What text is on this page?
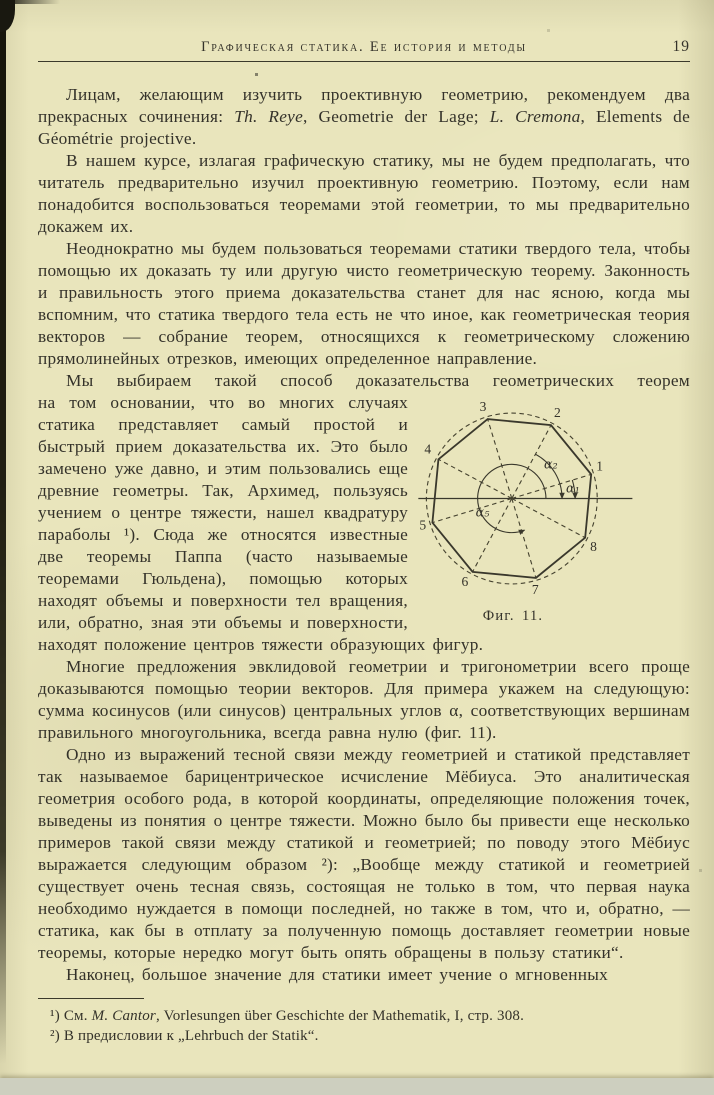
Графическая статика. Ее история и методы	19

Лицам, желающим изучить проективную геометрию, рекомендуем два прекрасных сочинения: Th. Reye, Geometrie der Lage; L. Cremona, Elements de Géométrie projective.

В нашем курсе, излагая графическую статику, мы не будем предполагать, что читатель предварительно изучил проективную геометрию. Поэтому, если нам понадобится воспользоваться теоремами этой геометрии, то мы предварительно докажем их.

Неоднократно мы будем пользоваться теоремами статики твердого тела, чтобы помощью их доказать ту или другую чисто геометрическую теорему. Законность и правильность этого приема доказательства станет для нас ясною, когда мы вспомним, что статика твердого тела есть не что иное, как геометрическая теория векторов — собрание теорем, относящихся к геометрическому сложению прямолинейных отрезков, имеющих определенное направление.

Мы выбираем такой способ доказательства геометрических теорем

1
2
3
4
5
6
7
8
α₂
α₁
α₅
Фиг. 11.

на том основании, что во многих случаях статика представляет самый простой и быстрый прием доказательства их. Это было замечено уже давно, и этим пользовались еще древние геометры. Так, Архимед, пользуясь учением о центре тяжести, нашел квадратуру параболы ¹). Сюда же относятся известные две теоремы Паппа (часто называемые теоремами Гюльдена), помощью которых находят объемы и поверхности тел вращения, или, обратно, зная эти объемы и поверхности, находят положение центров тяжести образующих фигур.

Многие предложения эвклидовой геометрии и тригонометрии всего проще доказываются помощью теории векторов. Для примера укажем на следующую: сумма косинусов (или синусов) центральных углов α, соответствующих вершинам правильного многоугольника, всегда равна нулю (фиг. 11).

Одно из выражений тесной связи между геометрией и статикой представляет так называемое барицентрическое исчисление Мёбиуса. Это аналитическая геометрия особого рода, в которой координаты, определяющие положения точек, выведены из понятия о центре тяжести. Можно было бы привести еще несколько примеров такой связи между статикой и геометрией; по поводу этого Мёбиус выражается следующим образом ²): „Вообще между статикой и геометрией существует очень тесная связь, состоящая не только в том, что первая наука необходимо нуждается в помощи последней, но также в том, что и, обратно, — статика, как бы в отплату за полученную помощь доставляет геометрии новые теоремы, которые нередко могут быть опять обращены в пользу статики“.

Наконец, большое значение для статики имеет учение о мгновенных

¹) См. M. Cantor, Vorlesungen über Geschichte der Mathematik, I, стр. 308.

²) В предисловии к „Lehrbuch der Statik“.
